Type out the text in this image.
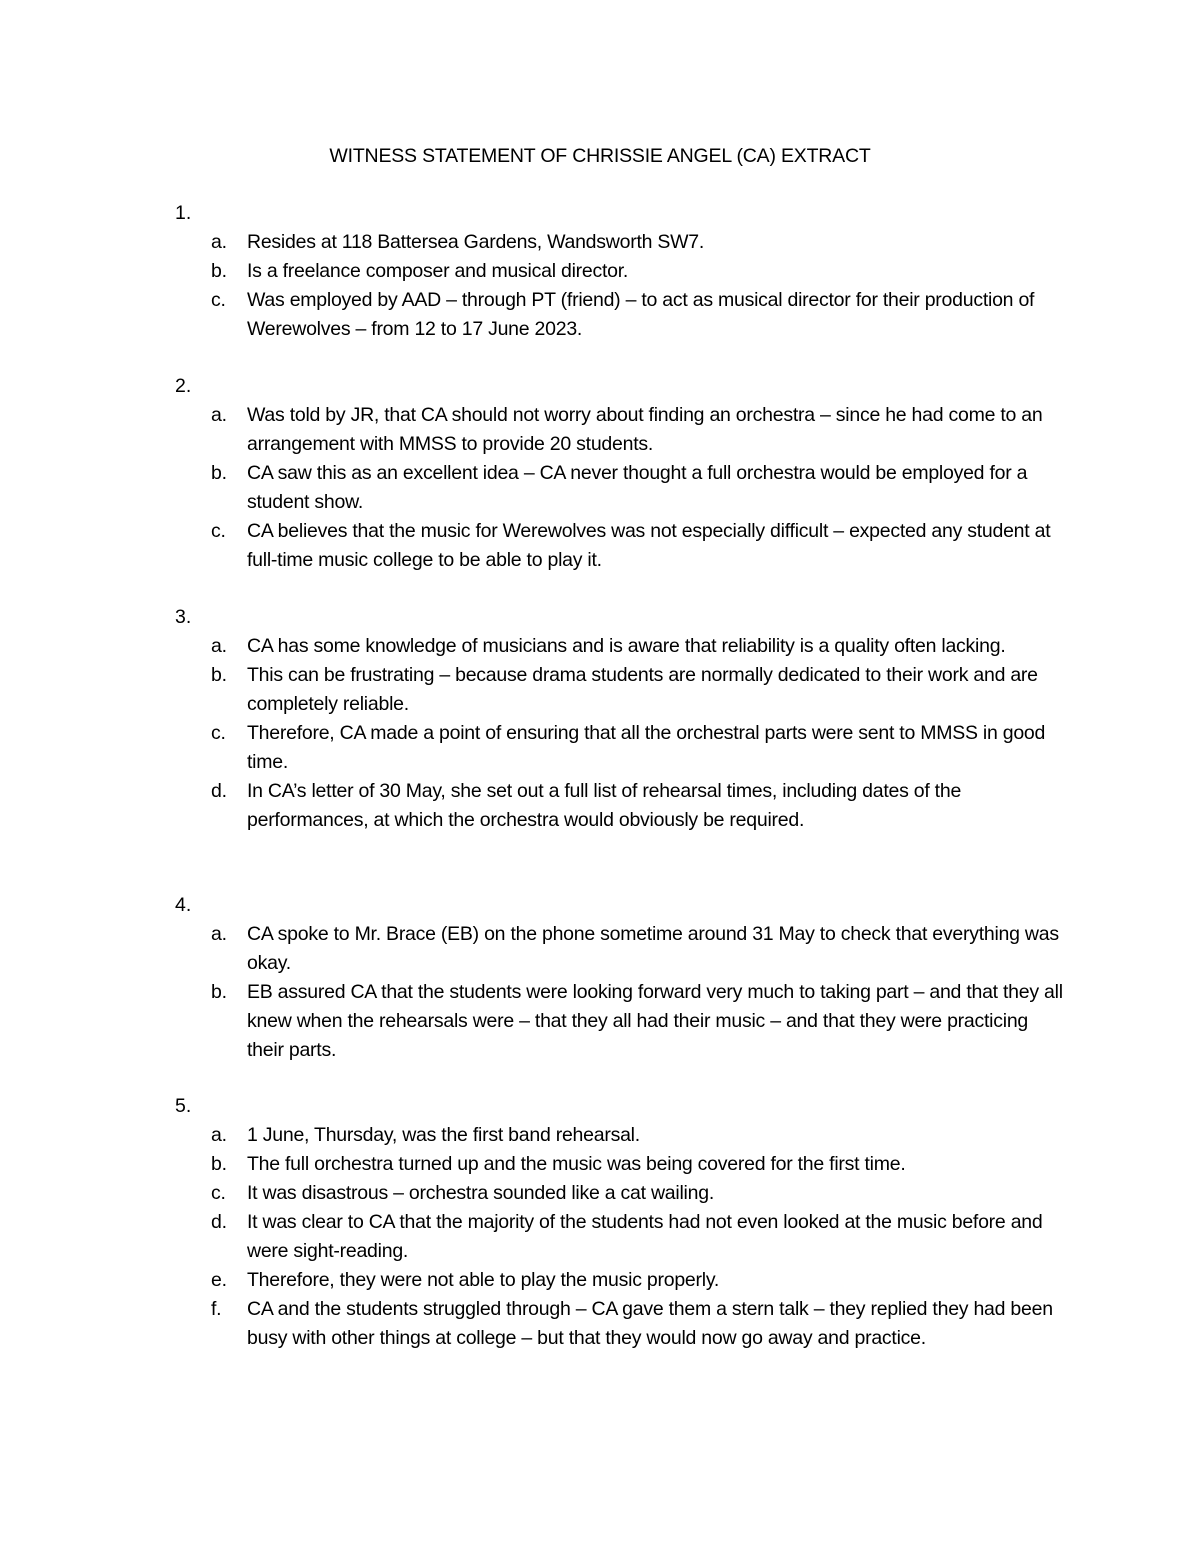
WITNESS STATEMENT OF CHRISSIE ANGEL (CA) EXTRACT
1.
a. Resides at 118 Battersea Gardens, Wandsworth SW7.
b. Is a freelance composer and musical director.
c. Was employed by AAD – through PT (friend) – to act as musical director for their production of Werewolves – from 12 to 17 June 2023.
2.
a. Was told by JR, that CA should not worry about finding an orchestra – since he had come to an arrangement with MMSS to provide 20 students.
b. CA saw this as an excellent idea – CA never thought a full orchestra would be employed for a student show.
c. CA believes that the music for Werewolves was not especially difficult – expected any student at full-time music college to be able to play it.
3.
a. CA has some knowledge of musicians and is aware that reliability is a quality often lacking.
b. This can be frustrating – because drama students are normally dedicated to their work and are completely reliable.
c. Therefore, CA made a point of ensuring that all the orchestral parts were sent to MMSS in good time.
d. In CA’s letter of 30 May, she set out a full list of rehearsal times, including dates of the performances, at which the orchestra would obviously be required.
4.
a. CA spoke to Mr. Brace (EB) on the phone sometime around 31 May to check that everything was okay.
b. EB assured CA that the students were looking forward very much to taking part – and that they all knew when the rehearsals were – that they all had their music – and that they were practicing their parts.
5.
a. 1 June, Thursday, was the first band rehearsal.
b. The full orchestra turned up and the music was being covered for the first time.
c. It was disastrous – orchestra sounded like a cat wailing.
d. It was clear to CA that the majority of the students had not even looked at the music before and were sight-reading.
e. Therefore, they were not able to play the music properly.
f. CA and the students struggled through – CA gave them a stern talk – they replied they had been busy with other things at college – but that they would now go away and practice.
